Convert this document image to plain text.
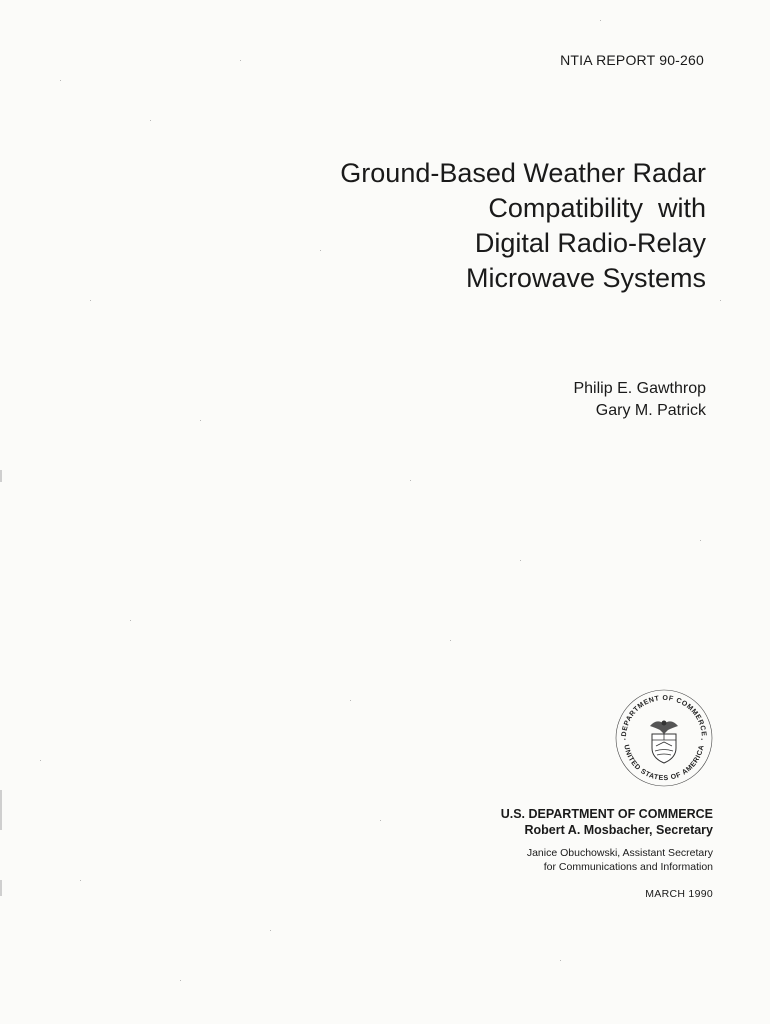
NTIA REPORT 90-260
Ground-Based Weather Radar
Compatibility  with
Digital Radio-Relay
Microwave Systems
Philip E. Gawthrop
Gary M. Patrick
DEPARTMENT OF COMMERCE
UNITED STATES OF AMERICA
•	•
U.S. DEPARTMENT OF COMMERCE
Robert A. Mosbacher, Secretary
Janice Obuchowski, Assistant Secretary
for Communications and Information
MARCH 1990
